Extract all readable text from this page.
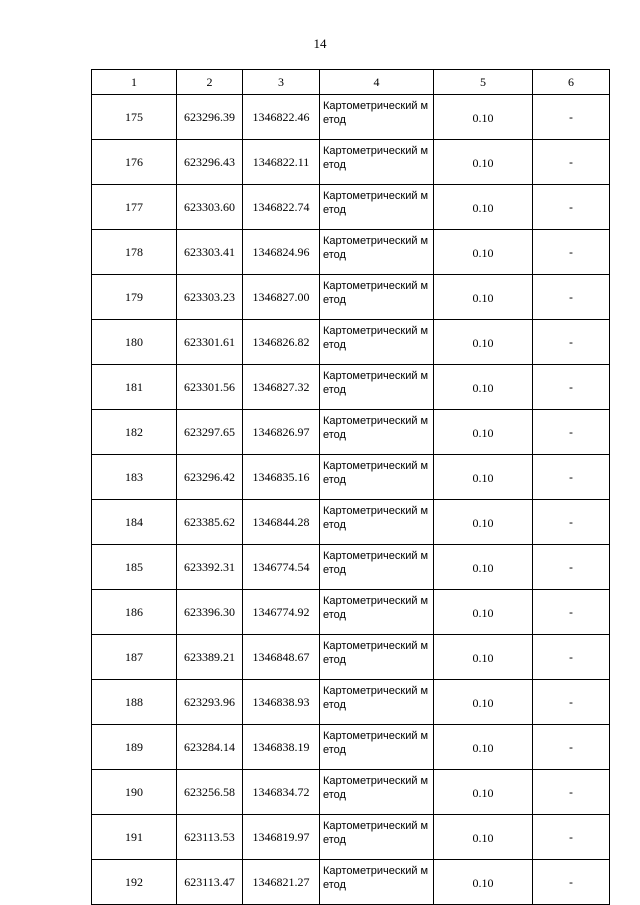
14
1	2	3	4	5	6
175	623296.39	1346822.46	Картометрический метод	0.10	-
176	623296.43	1346822.11	Картометрический метод	0.10	-
177	623303.60	1346822.74	Картометрический метод	0.10	-
178	623303.41	1346824.96	Картометрический метод	0.10	-
179	623303.23	1346827.00	Картометрический метод	0.10	-
180	623301.61	1346826.82	Картометрический метод	0.10	-
181	623301.56	1346827.32	Картометрический метод	0.10	-
182	623297.65	1346826.97	Картометрический метод	0.10	-
183	623296.42	1346835.16	Картометрический метод	0.10	-
184	623385.62	1346844.28	Картометрический метод	0.10	-
185	623392.31	1346774.54	Картометрический метод	0.10	-
186	623396.30	1346774.92	Картометрический метод	0.10	-
187	623389.21	1346848.67	Картометрический метод	0.10	-
188	623293.96	1346838.93	Картометрический метод	0.10	-
189	623284.14	1346838.19	Картометрический метод	0.10	-
190	623256.58	1346834.72	Картометрический метод	0.10	-
191	623113.53	1346819.97	Картометрический метод	0.10	-
192	623113.47	1346821.27	Картометрический метод	0.10	-
